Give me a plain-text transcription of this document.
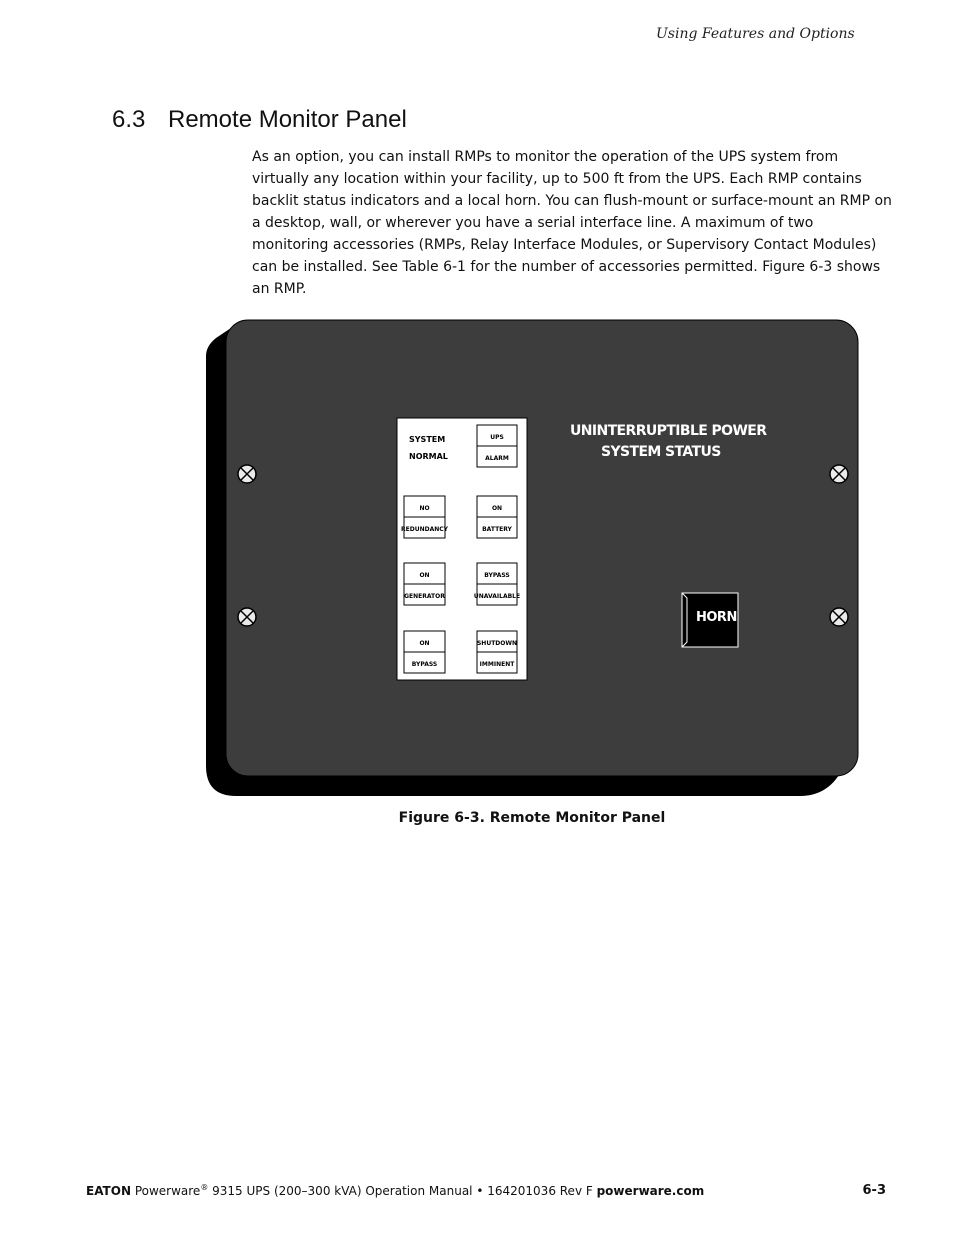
Using Features and Options
6.3 Remote Monitor Panel

As an option, you can install RMPs to monitor the operation of the UPS system from virtually any location within your facility, up to 500 ft from the UPS. Each RMP contains backlit status indicators and a local horn. You can flush-mount or surface-mount an RMP on a desktop, wall, or wherever you have a serial interface line. A maximum of two monitoring accessories (RMPs, Relay Interface Modules, or Supervisory Contact Modules) can be installed. See Table 6-1 for the number of accessories permitted. Figure 6-3 shows an RMP.

SYSTEM
NORMAL
UPS
ALARM
NO
REDUNDANCY
ON
BATTERY
ON
GENERATOR
BYPASS
UNAVAILABLE
ON
BYPASS
SHUTDOWN
IMMINENT
UNINTERRUPTIBLE POWER
SYSTEM STATUS
HORN
Figure 6-3. Remote Monitor Panel
EATON Powerware® 9315 UPS (200–300 kVA) Operation Manual • 164201036 Rev F powerware.com	6-3
